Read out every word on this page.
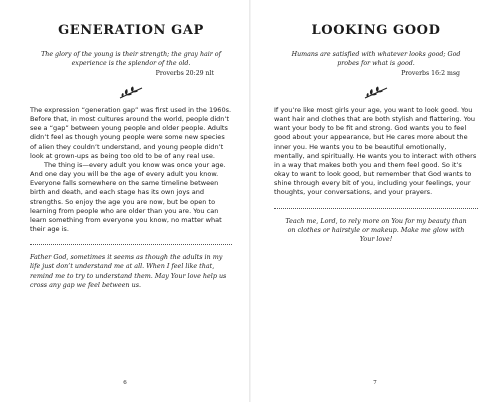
GENERATION GAP
The glory of the young is their strength; the gray hair of experience is the splendor of the old.
Proverbs 20:29 nlt

The expression “generation gap” was first used in the 1960s. Before that, in most cultures around the world, people didn’t see a “gap” between young people and older people. Adults didn’t feel as though young people were some new species of alien they couldn’t understand, and young people didn’t look at grown-ups as being too old to be of any real use.

The thing is—every adult you know was once your age. And one day you will be the age of every adult you know. Everyone falls somewhere on the same timeline between birth and death, and each stage has its own joys and strengths. So enjoy the age you are now, but be open to learning from people who are older than you are. You can learn something from everyone you know, no matter what their age is.

Father God, sometimes it seems as though the adults in my life just don’t understand me at all. When I feel like that, remind me to try to understand them. May Your love help us cross any gap we feel between us.
6
LOOKING GOOD
Humans are satisfied with whatever looks good; God probes for what is good.
Proverbs 16:2 msg

If you’re like most girls your age, you want to look good. You want hair and clothes that are both stylish and flattering. You want your body to be fit and strong. God wants you to feel good about your appearance, but He cares more about the inner you. He wants you to be beautiful emotionally, mentally, and spiritually. He wants you to interact with others in a way that makes both you and them feel good. So it’s okay to want to look good, but remember that God wants to shine through every bit of you, including your feelings, your thoughts, your conversations, and your prayers.

Teach me, Lord, to rely more on You for my beauty than on clothes or hairstyle or makeup. Make me glow with Your love!
7
